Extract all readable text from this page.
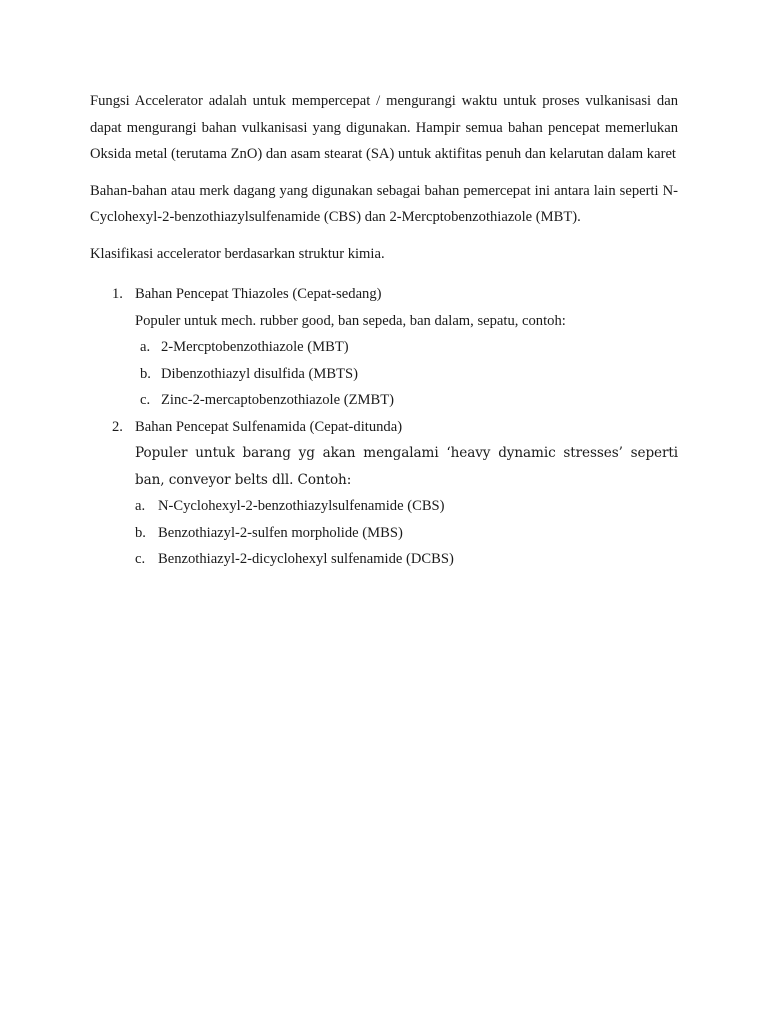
Fungsi Accelerator adalah untuk mempercepat / mengurangi waktu untuk proses vulkanisasi dan dapat mengurangi bahan vulkanisasi yang digunakan. Hampir semua bahan pencepat memerlukan Oksida metal (terutama ZnO) dan asam stearat (SA) untuk aktifitas penuh dan kelarutan dalam karet

Bahan-bahan atau merk dagang yang digunakan sebagai bahan pemercepat ini antara lain seperti N-Cyclohexyl-2-benzothiazylsulfenamide (CBS) dan 2-Mercptobenzothiazole (MBT).

Klasifikasi accelerator berdasarkan struktur kimia.

1. Bahan Pencepat Thiazoles (Cepat-sedang)

Populer untuk mech. rubber good, ban sepeda, ban dalam, sepatu, contoh:

a. 2-Mercptobenzothiazole (MBT)
b. Dibenzothiazyl disulfida (MBTS)
c. Zinc-2-mercaptobenzothiazole (ZMBT)
2. Bahan Pencepat Sulfenamida (Cepat-ditunda)

Populer untuk barang yg akan mengalami ‘heavy dynamic stresses’ seperti ban, conveyor belts dll. Contoh:

a. N-Cyclohexyl-2-benzothiazylsulfenamide (CBS)
b. Benzothiazyl-2-sulfen morpholide (MBS)
c. Benzothiazyl-2-dicyclohexyl sulfenamide (DCBS)
